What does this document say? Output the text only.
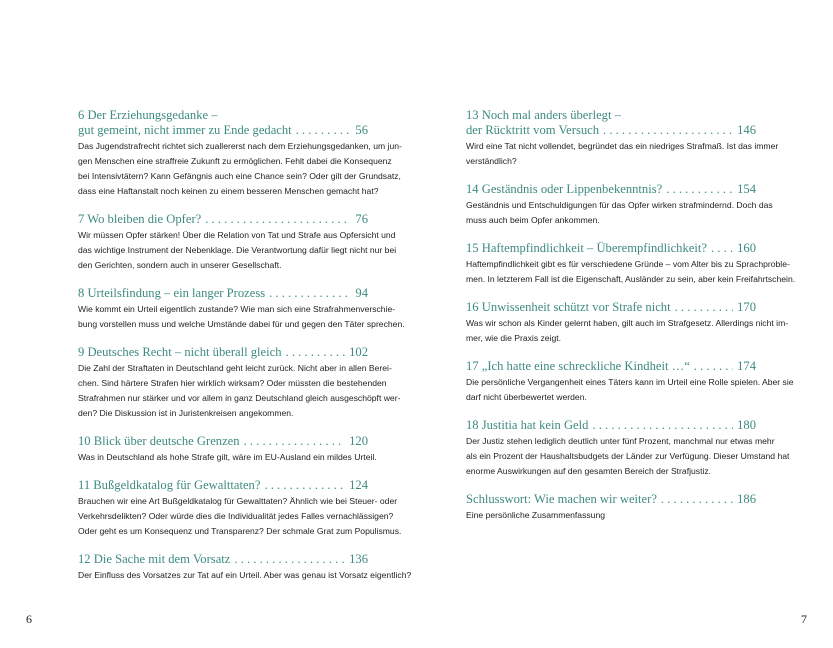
6 Der Erziehungsgedanke –
gut gemeint, nicht immer zu Ende gedacht . . .	56
Das Jugendstrafrecht richtet sich zuallererst nach dem Erziehungsgedanken, um jun-
gen Menschen eine straffreie Zukunft zu ermöglichen. Fehlt dabei die Konsequenz
bei Intensivtätern? Kann Gefängnis auch eine Chance sein? Oder gilt der Grundsatz,
dass eine Haftanstalt noch keinen zu einem besseren Menschen gemacht hat?
7 Wo bleiben die Opfer? . . .	76
Wir müssen Opfer stärken! Über die Relation von Tat und Strafe aus Opfersicht und
das wichtige Instrument der Nebenklage. Die Verantwortung dafür liegt nicht nur bei
den Gerichten, sondern auch in unserer Gesellschaft.
8 Urteilsfindung – ein langer Prozess . . .	94
Wie kommt ein Urteil eigentlich zustande? Wie man sich eine Strafrahmenverschie-
bung vorstellen muss und welche Umstände dabei für und gegen den Täter sprechen.
9 Deutsches Recht – nicht überall gleich . . .	102
Die Zahl der Straftaten in Deutschland geht leicht zurück. Nicht aber in allen Berei-
chen. Sind härtere Strafen hier wirklich wirksam? Oder müssten die bestehenden
Strafrahmen nur stärker und vor allem in ganz Deutschland gleich ausgeschöpft wer-
den? Die Diskussion ist in Juristenkreisen angekommen.
10 Blick über deutsche Grenzen . . .	120
Was in Deutschland als hohe Strafe gilt, wäre im EU-Ausland ein mildes Urteil.
11 Bußgeldkatalog für Gewalttaten? . . .	124
Brauchen wir eine Art Bußgeldkatalog für Gewalttaten? Ähnlich wie bei Steuer- oder
Verkehrsdelikten? Oder würde dies die Individualität jedes Falles vernachlässigen?
Oder geht es um Konsequenz und Transparenz? Der schmale Grat zum Populismus.
12 Die Sache mit dem Vorsatz . . .	136
Der Einfluss des Vorsatzes zur Tat auf ein Urteil. Aber was genau ist Vorsatz eigentlich?
13 Noch mal anders überlegt –
der Rücktritt vom Versuch . . .	146
Wird eine Tat nicht vollendet, begründet das ein niedriges Strafmaß. Ist das immer
verständlich?
14 Geständnis oder Lippenbekenntnis? . . .	154
Geständnis und Entschuldigungen für das Opfer wirken strafmindernd. Doch das
muss auch beim Opfer ankommen.
15 Haftempfindlichkeit – Überempfindlichkeit? . . .	160
Haftempfindlichkeit gibt es für verschiedene Gründe – vom Alter bis zu Sprachproble-
men. In letzterem Fall ist die Eigenschaft, Ausländer zu sein, aber kein Freifahrtschein.
16 Unwissenheit schützt vor Strafe nicht . . .	170
Was wir schon als Kinder gelernt haben, gilt auch im Strafgesetz. Allerdings nicht im-
mer, wie die Praxis zeigt.
17 „Ich hatte eine schreckliche Kindheit …“ . . .	174
Die persönliche Vergangenheit eines Täters kann im Urteil eine Rolle spielen. Aber sie
darf nicht überbewertet werden.
18 Justitia hat kein Geld . . .	180
Der Justiz stehen lediglich deutlich unter fünf Prozent, manchmal nur etwas mehr
als ein Prozent der Haushaltsbudgets der Länder zur Verfügung. Dieser Umstand hat
enorme Auswirkungen auf den gesamten Bereich der Strafjustiz.
Schlusswort: Wie machen wir weiter? . . .	186
Eine persönliche Zusammenfassung
6	7
